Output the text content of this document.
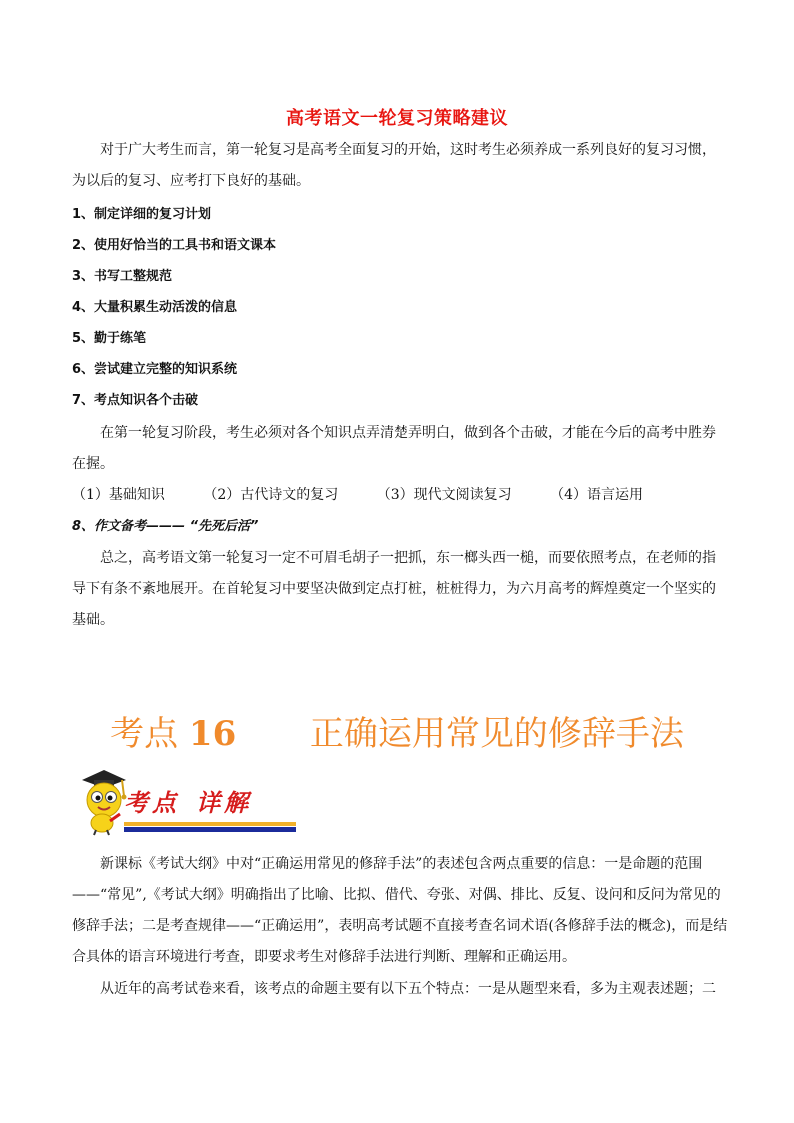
高考语文一轮复习策略建议
对于广大考生而言，第一轮复习是高考全面复习的开始，这时考生必须养成一系列良好的复习习惯，为以后的复习、应考打下良好的基础。
1、制定详细的复习计划
2、使用好恰当的工具书和语文课本
3、书写工整规范
4、大量积累生动活泼的信息
5、勤于练笔
6、尝试建立完整的知识系统
7、考点知识各个击破
在第一轮复习阶段，考生必须对各个知识点弄清楚弄明白，做到各个击破，才能在今后的高考中胜券在握。
（1）基础知识	（2）古代诗文的复习	（3）现代文阅读复习	（4）语言运用
8、作文备考——— “先死后活”
总之，高考语文第一轮复习一定不可眉毛胡子一把抓，东一榔头西一槌，而要依照考点，在老师的指导下有条不紊地展开。在首轮复习中要坚决做到定点打桩，桩桩得力，为六月高考的辉煌奠定一个坚实的基础。
考点 16 正确运用常见的修辞手法
考点 详解
新课标《考试大纲》中对“正确运用常见的修辞手法”的表述包含两点重要的信息：一是命题的范围——“常见”,《考试大纲》明确指出了比喻、比拟、借代、夸张、对偶、排比、反复、设问和反问为常见的修辞手法；二是考查规律——“正确运用”，表明高考试题不直接考查名词术语(各修辞手法的概念)，而是结合具体的语言环境进行考查，即要求考生对修辞手法进行判断、理解和正确运用。
从近年的高考试卷来看，该考点的命题主要有以下五个特点：一是从题型来看，多为主观表述题；二
